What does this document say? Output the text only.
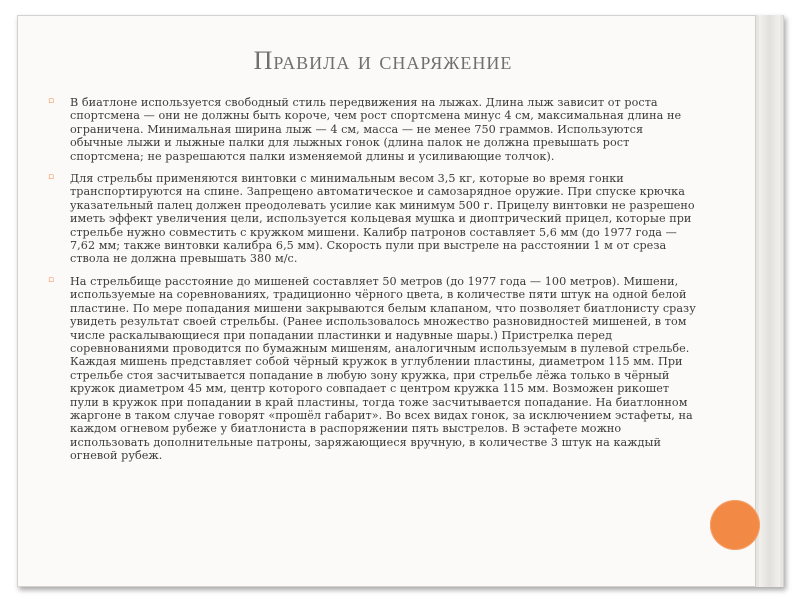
Правила и снаряжение
▫ В биатлоне используется свободный стиль передвижения на лыжах. Длина лыж зависит от роста спортсмена — они не должны быть короче, чем рост спортсмена минус 4 см, максимальная длина не ограничена. Минимальная ширина лыж — 4 см, масса — не менее 750 граммов. Используются обычные лыжи и лыжные палки для лыжных гонок (длина палок не должна превышать рост спортсмена; не разрешаются палки изменяемой длины и усиливающие толчок).
▫ Для стрельбы применяются винтовки с минимальным весом 3,5 кг, которые во время гонки транспортируются на спине. Запрещено автоматическое и самозарядное оружие. При спуске крючка указательный палец должен преодолевать усилие как минимум 500 г. Прицелу винтовки не разрешено иметь эффект увеличения цели, используется кольцевая мушка и диоптрический прицел, которые при стрельбе нужно совместить с кружком мишени. Калибр патронов составляет 5,6 мм (до 1977 года — 7,62 мм; также винтовки калибра 6,5 мм). Скорость пули при выстреле на расстоянии 1 м от среза ствола не должна превышать 380 м/с.
▫ На стрельбище расстояние до мишеней составляет 50 метров (до 1977 года — 100 метров). Мишени, используемые на соревнованиях, традиционно чёрного цвета, в количестве пяти штук на одной белой пластине. По мере попадания мишени закрываются белым клапаном, что позволяет биатлонисту сразу увидеть результат своей стрельбы. (Ранее использовалось множество разновидностей мишеней, в том числе раскалывающиеся при попадании пластинки и надувные шары.) Пристрелка перед соревнованиями проводится по бумажным мишеням, аналогичным используемым в пулевой стрельбе. Каждая мишень представляет собой чёрный кружок в углублении пластины, диаметром 115 мм. При стрельбе стоя засчитывается попадание в любую зону кружка, при стрельбе лёжа только в чёрный кружок диаметром 45 мм, центр которого совпадает с центром кружка 115 мм. Возможен рикошет пули в кружок при попадании в край пластины, тогда тоже засчитывается попадание. На биатлонном жаргоне в таком случае говорят «прошёл габарит». Во всех видах гонок, за исключением эстафеты, на каждом огневом рубеже у биатлониста в распоряжении пять выстрелов. В эстафете можно использовать дополнительные патроны, заряжающиеся вручную, в количестве 3 штук на каждый огневой рубеж.
